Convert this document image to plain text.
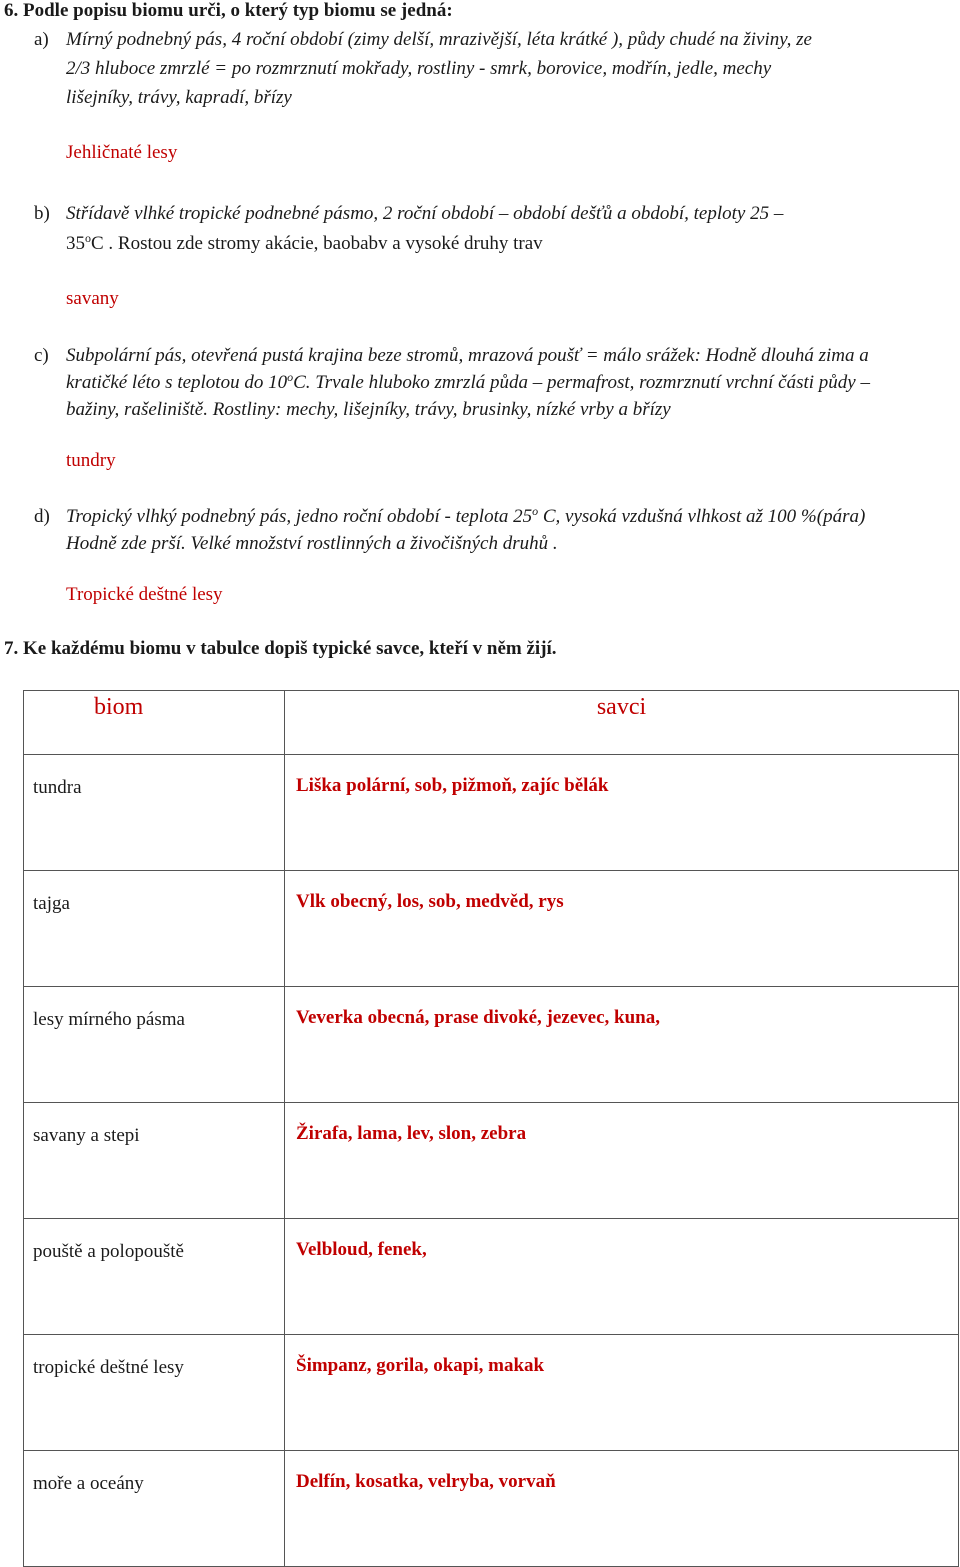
6. Podle popisu biomu urči, o který typ biomu se jedná:
a) Mírný podnebný pás, 4 roční období (zimy delší, mrazivější, léta krátké ), půdy chudé na živiny, ze
2/3 hluboce zmrzlé = po rozmrznutí mokřady, rostliny - smrk, borovice, modřín, jedle, mechy
lišejníky, trávy, kapradí, břízy
Jehličnaté lesy
b) Střídavě vlhké tropické podnebné pásmo, 2 roční období – období dešťů a období, teploty 25 –
35$^o$C . Rostou zde stromy akácie, baobabv a vysoké druhy trav
savany
c) Subpolární pás, otevřená pustá krajina beze stromů, mrazová poušť = málo srážek: Hodně dlouhá zima a
kratičké léto s teplotou do 10$^o$C. Trvale hluboko zmrzlá půda – permafrost, rozmrznutí vrchní části půdy –
bažiny, rašeliniště. Rostliny: mechy, lišejníky, trávy, brusinky, nízké vrby a břízy
tundry
d) Tropický vlhký podnebný pás, jedno roční období - teplota 25$^o$ C, vysoká vzdušná vlhkost až 100 %(pára)
Hodně zde prší. Velké množství rostlinných a živočišných druhů .
Tropické deštné lesy
7. Ke každému biomu v tabulce dopiš typické savce, kteří v něm žijí.
biom	savci
tundra	Liška polární, sob, pižmoň, zajíc bělák
tajga	Vlk obecný, los, sob, medvěd, rys
lesy mírného pásma	Veverka obecná, prase divoké, jezevec, kuna,
savany a stepi	Žirafa, lama, lev, slon, zebra
pouště a polopouště	Velbloud, fenek,
tropické deštné lesy	Šimpanz, gorila, okapi, makak
moře a oceány	Delfín, kosatka, velryba, vorvaň
